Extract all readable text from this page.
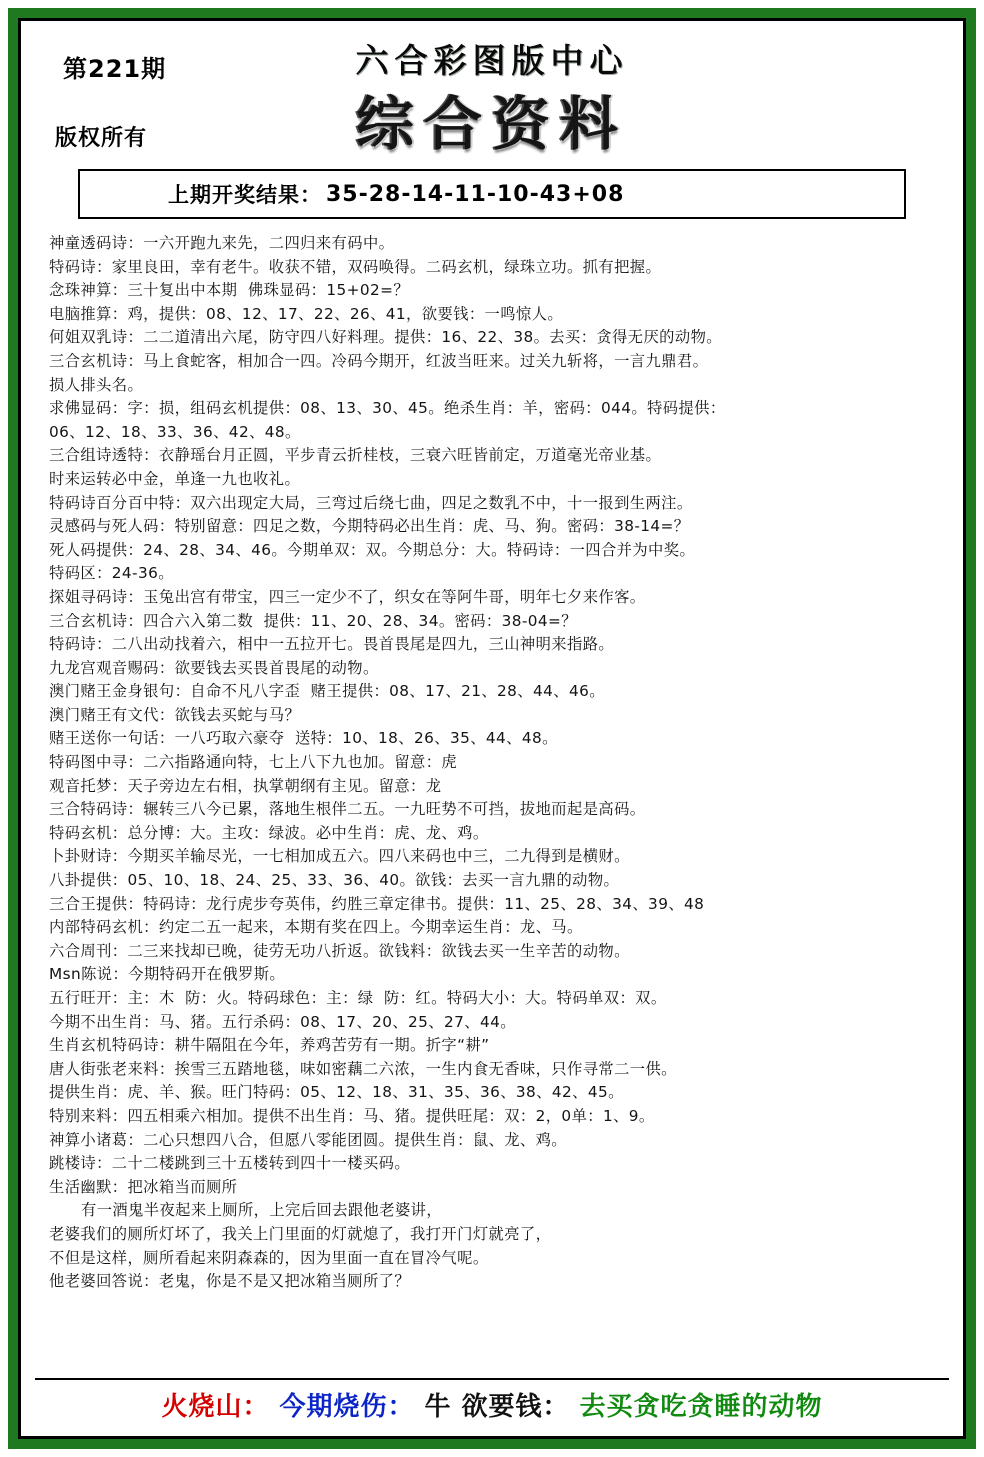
第221期
版权所有
六合彩图版中心
综合资料
上期开奖结果： 35-28-14-11-10-43+08
神童透码诗：一六开跑九来先，二四归来有码中。
特码诗：家里良田，幸有老牛。收获不错，双码唤得。二码玄机，绿珠立功。抓有把握。
念珠神算：三十复出中本期  佛珠显码：15+02=？
电脑推算：鸡，提供：08、12、17、22、26、41，欲要钱：一鸣惊人。
何姐双乳诗：二二道清出六尾，防守四八好料理。提供：16、22、38。去买：贪得无厌的动物。
三合玄机诗：马上食蛇客，相加合一四。冷码今期开，红波当旺来。过关九斩将，一言九鼎君。
损人排头名。
求佛显码：字：损，组码玄机提供：08、13、30、45。绝杀生肖：羊，密码：044。特码提供：
06、12、18、33、36、42、48。
三合组诗透特：衣静瑶台月正圆，平步青云折桂枝，三衰六旺皆前定，万道毫光帝业基。
时来运转必中金，单逢一九也收礼。
特码诗百分百中特：双六出现定大局，三弯过后绕七曲，四足之数乳不中，十一报到生两注。
灵感码与死人码：特别留意：四足之数，今期特码必出生肖：虎、马、狗。密码：38-14=？
死人码提供：24、28、34、46。今期单双：双。今期总分：大。特码诗：一四合并为中奖。
特码区：24-36。
探姐寻码诗：玉兔出宫有带宝，四三一定少不了，织女在等阿牛哥，明年七夕来作客。
三合玄机诗：四合六入第二数  提供：11、20、28、34。密码：38-04=？
特码诗：二八出动找着六，相中一五拉开七。畏首畏尾是四九，三山神明来指路。
九龙宫观音赐码：欲要钱去买畏首畏尾的动物。
澳门赌王金身银句：自命不凡八字歪  赌王提供：08、17、21、28、44、46。
澳门赌王有文代：欲钱去买蛇与马？
赌王送你一句话：一八巧取六豪夺  送特：10、18、26、35、44、48。
特码图中寻：二六指路通向特，七上八下九也加。留意：虎
观音托梦：天子旁边左右相，执掌朝纲有主见。留意：龙
三合特码诗：辗转三八今已累，落地生根伴二五。一九旺势不可挡，拔地而起是高码。
特码玄机：总分博：大。主攻：绿波。必中生肖：虎、龙、鸡。
卜卦财诗：今期买羊输尽光，一七相加成五六。四八来码也中三，二九得到是横财。
八卦提供：05、10、18、24、25、33、36、40。欲钱：去买一言九鼎的动物。
三合王提供：特码诗：龙行虎步夸英伟，约胜三章定律书。提供：11、25、28、34、39、48
内部特码玄机：约定二五一起来，本期有奖在四上。今期幸运生肖：龙、马。
六合周刊：二三来找却已晚，徒劳无功八折返。欲钱料：欲钱去买一生辛苦的动物。
Msn陈说：今期特码开在俄罗斯。
五行旺开：主：木  防：火。特码球色：主：绿  防：红。特码大小：大。特码单双：双。
今期不出生肖：马、猪。五行杀码：08、17、20、25、27、44。
生肖玄机特码诗：耕牛隔阻在今年，养鸡苦劳有一期。折字“耕”
唐人街张老来料：挨雪三五踏地毯，味如密藕二六浓，一生内食无香味，只作寻常二一供。
提供生肖：虎、羊、猴。旺门特码：05、12、18、31、35、36、38、42、45。
特别来料：四五相乘六相加。提供不出生肖：马、猪。提供旺尾：双：2，0单：1、9。
神算小诸葛：二心只想四八合，但愿八零能团圆。提供生肖：鼠、龙、鸡。
跳楼诗：二十二楼跳到三十五楼转到四十一楼买码。
生活幽默：把冰箱当而厕所
有一酒鬼半夜起来上厕所，上完后回去跟他老婆讲，
老婆我们的厕所灯坏了，我关上门里面的灯就熄了，我打开门灯就亮了，
不但是这样，厕所看起来阴森森的，因为里面一直在冒冷气呢。
他老婆回答说：老鬼，你是不是又把冰箱当厕所了？
火烧山： 今期烧伤： 牛 欲要钱： 去买贪吃贪睡的动物
